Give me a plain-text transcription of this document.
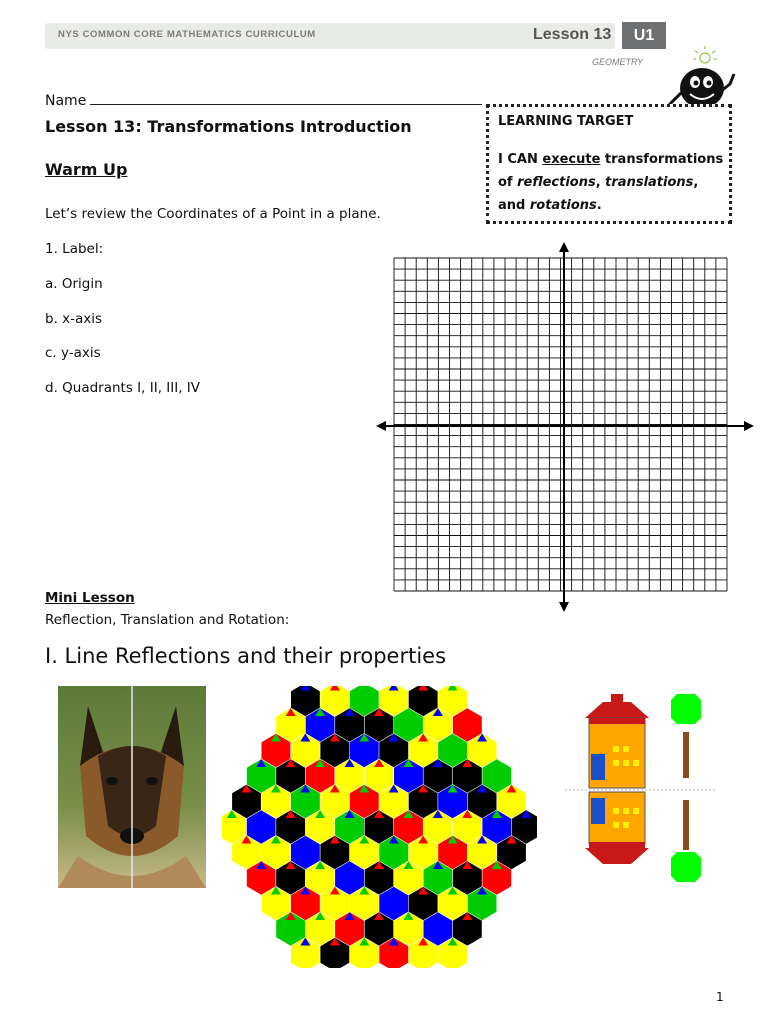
NYS COMMON CORE MATHEMATICS CURRICULUM	Lesson 13	U1
GEOMETRY
Name
Lesson 13: Transformations Introduction	LEARNING TARGET
I CAN execute transformations of reflections, translations, and rotations.
Warm Up
Let’s review the Coordinates of a Point in a plane.
1. Label:
a. Origin
b. x-axis
c. y-axis
d. Quadrants I, II, III, IV
Mini Lesson
Reflection, Translation and Rotation:
I. Line Reflections and their properties
1
